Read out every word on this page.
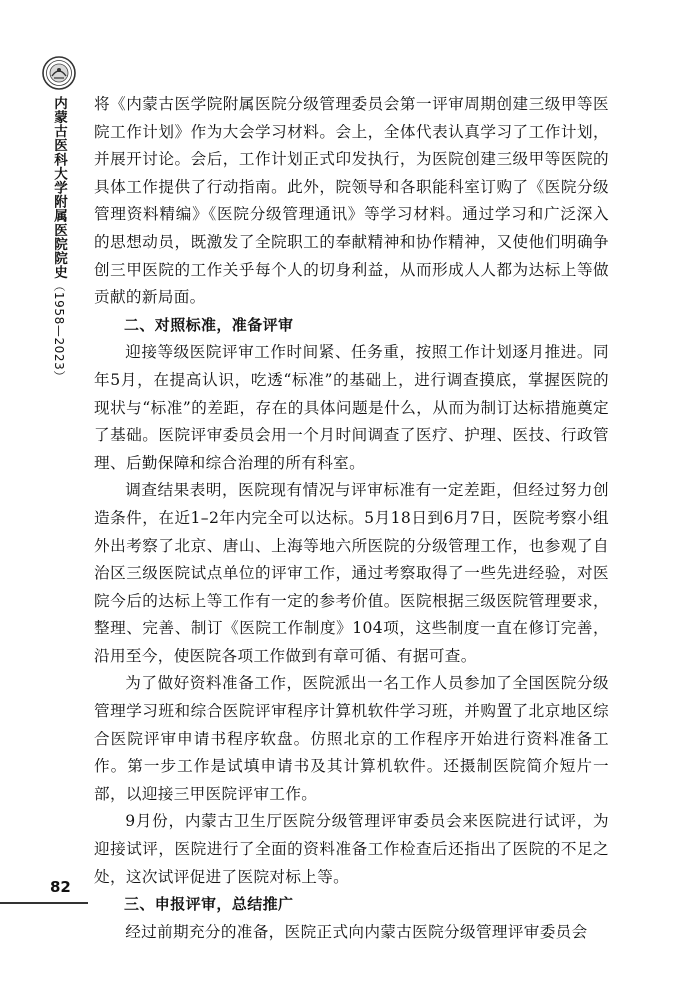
内蒙古医科大学附属医院院史（1958—2023）
82

将《内蒙古医学院附属医院分级管理委员会第一评审周期创建三级甲等医院工作计划》作为大会学习材料。会上，全体代表认真学习了工作计划，并展开讨论。会后，工作计划正式印发执行，为医院创建三级甲等医院的具体工作提供了行动指南。此外，院领导和各职能科室订购了《医院分级管理资料精编》《医院分级管理通讯》等学习材料。通过学习和广泛深入的思想动员，既激发了全院职工的奉献精神和协作精神，又使他们明确争创三甲医院的工作关乎每个人的切身利益，从而形成人人都为达标上等做贡献的新局面。

二、对照标准，准备评审

迎接等级医院评审工作时间紧、任务重，按照工作计划逐月推进。同年5月，在提高认识，吃透“标准”的基础上，进行调查摸底，掌握医院的现状与“标准”的差距，存在的具体问题是什么，从而为制订达标措施奠定了基础。医院评审委员会用一个月时间调查了医疗、护理、医技、行政管理、后勤保障和综合治理的所有科室。

调查结果表明，医院现有情况与评审标准有一定差距，但经过努力创造条件，在近1–2年内完全可以达标。5月18日到6月7日，医院考察小组外出考察了北京、唐山、上海等地六所医院的分级管理工作，也参观了自治区三级医院试点单位的评审工作，通过考察取得了一些先进经验，对医院今后的达标上等工作有一定的参考价值。医院根据三级医院管理要求，整理、完善、制订《医院工作制度》104项，这些制度一直在修订完善，沿用至今，使医院各项工作做到有章可循、有据可查。

为了做好资料准备工作，医院派出一名工作人员参加了全国医院分级管理学习班和综合医院评审程序计算机软件学习班，并购置了北京地区综合医院评审申请书程序软盘。仿照北京的工作程序开始进行资料准备工作。第一步工作是试填申请书及其计算机软件。还摄制医院简介短片一部，以迎接三甲医院评审工作。

9月份，内蒙古卫生厅医院分级管理评审委员会来医院进行试评，为迎接试评，医院进行了全面的资料准备工作检查后还指出了医院的不足之处，这次试评促进了医院对标上等。

三、申报评审，总结推广

经过前期充分的准备，医院正式向内蒙古医院分级管理评审委员会
